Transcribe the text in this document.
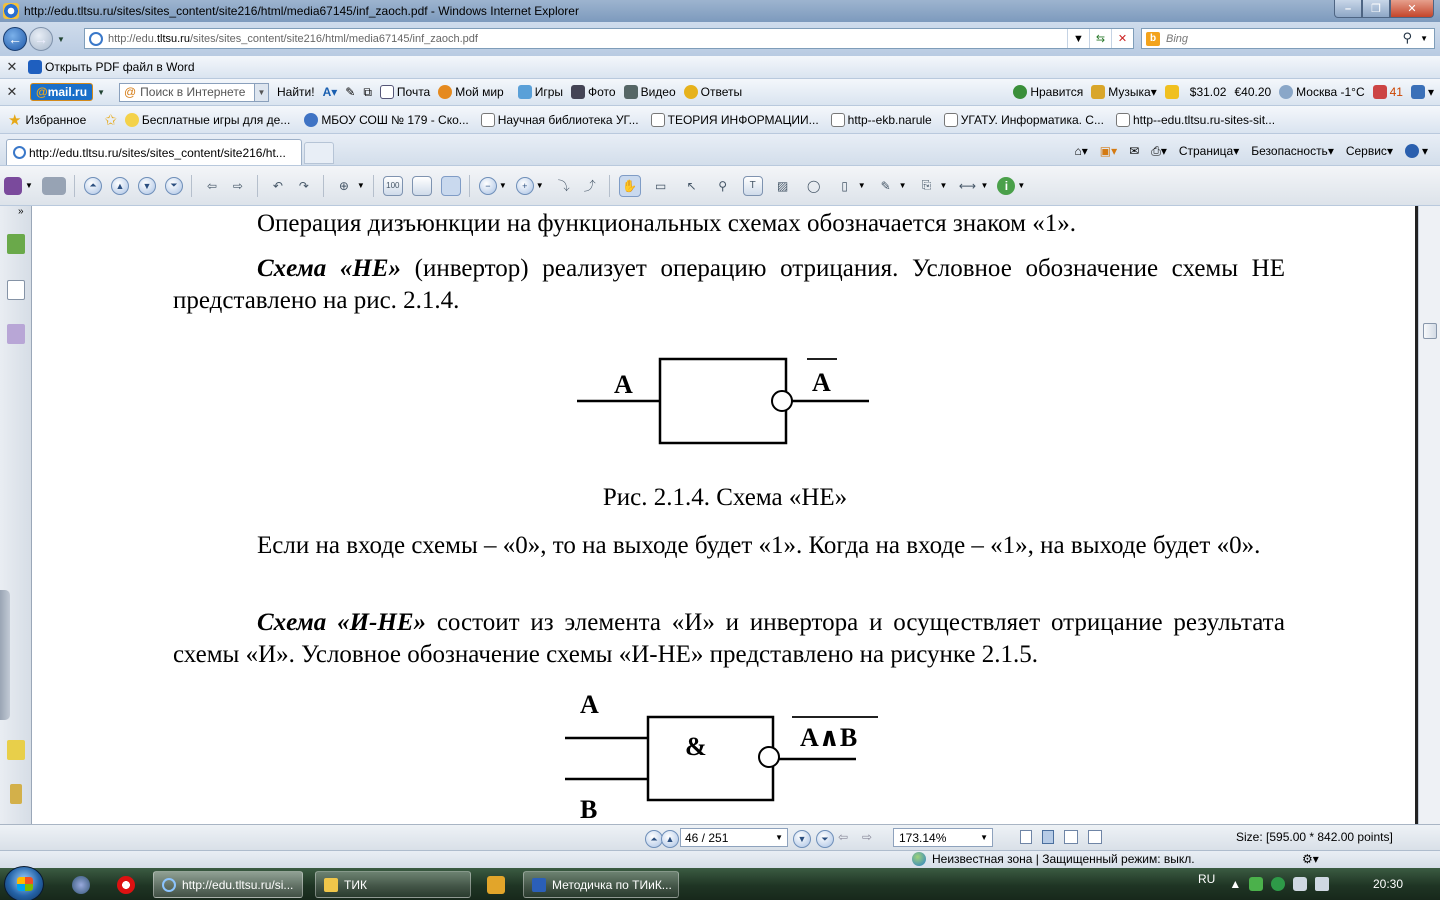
http://edu.tltsu.ru/sites/sites_content/site216/html/media67145/inf_zaoch.pdf - Windows Internet Explorer	–	❐	✕
← →	▼	http://edu.tltsu.ru/sites/sites_content/site216/html/media67145/inf_zaoch.pdf	▼	⇆	✕	b Bing	⚲ ▼
✕ Открыть PDF файл в Word
✕	@mail.ru	▼ @ Поиск в Интернете	▼ Найти! A▾ ✎ ⧉ Почта Мой мир	Игры Фото Видео Ответы	Нравится Музыка ▾	$31.02 €40.20 Москва -1°C 41	▾
★ Избранное ✩ Бесплатные игры для де...	МБОУ СОШ № 179 - Ско... Научная библиотека УГ... ТЕОРИЯ ИНФОРМАЦИИ... http--ekb.narule УГАТУ. Информатика. С... http--edu.tltsu.ru-sites-sit...
http://edu.tltsu.ru/sites/sites_content/site216/ht...	⌂▾ ▣▾ ✉ ⎙▾ Страница ▾ Безопасность ▾ Сервис ▾	▾
▼	⏶	▲	▼	⏷	⇦	⇨	↶	↷	⊕ ▼	100	−	▼	+	▼	⤵	⤴	✋	▭	↖	⚲	T	▨	◯	▯	▼	✎ ▼	⎘	▼ ⟷ ▼	i	▼
»	Операция дизъюнкции на функциональных схемах обозначается знаком «1».
Схема «НЕ» (инвертор) реализует операцию отрицания. Условное обозначение схемы НЕ представлено на рис. 2.1.4.
A	A
Рис. 2.1.4. Схема «НЕ»
Если на входе схемы – «0», то на выходе будет «1». Когда на входе – «1», на выходе будет «0».
Схема «И-НЕ» состоит из элемента «И» и инвертора и осуществляет отрицание результата схемы «И». Условное обозначение схемы «И-НЕ» представлено на рисунке 2.1.5.
A
B
&	A∧B
⏶ ▲ 46 / 251	▼	▼	⏷ ⇦ ⇨ 173.14%	▼	Size: [595.00 * 842.00 points]
Неизвестная зона | Защищенный режим: выкл.	⚙▾
http://edu.tltsu.ru/si...	ТИК	Методичка по ТИиК...	RU ▲	20:30
